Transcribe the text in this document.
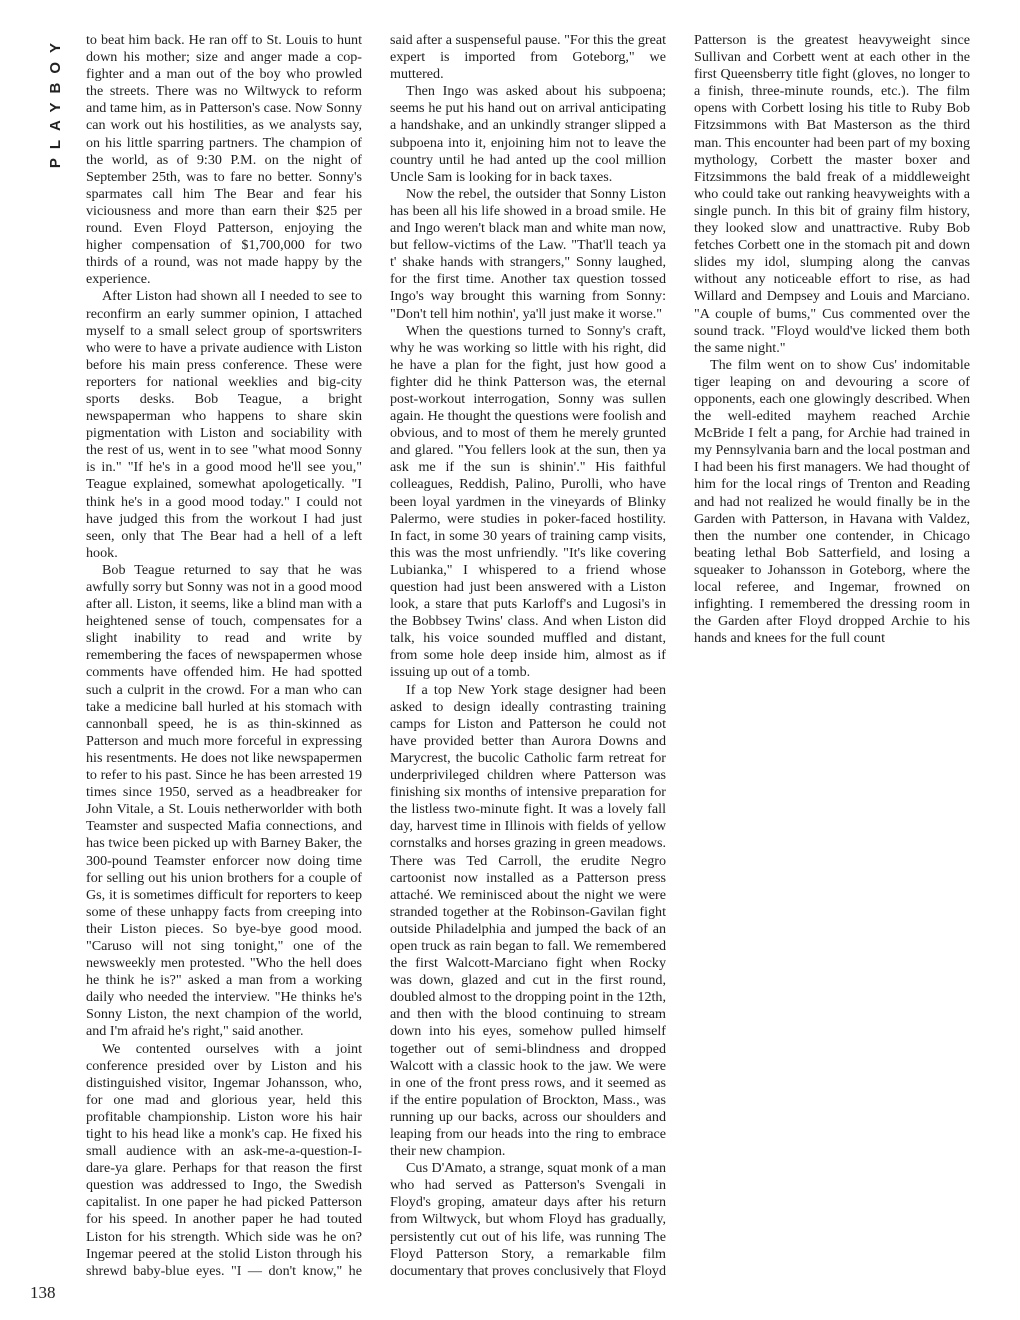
PLAYBOY to beat him back. He ran off to St. Louis to hunt down his mother; size and anger made a cop-fighter and a man out of the boy who prowled the streets. There was no Wiltwyck to reform and tame him, as in Patterson's case. Now Sonny can work out his hostilities, as we analysts say, on his little sparring partners. The champion of the world, as of 9:30 P.M. on the night of September 25th, was to fare no better. Sonny's sparmates call him The Bear and fear his viciousness and more than earn their $25 per round. Even Floyd Patterson, enjoying the higher compensation of $1,700,000 for two thirds of a round, was not made happy by the experience.

After Liston had shown all I needed to see to reconfirm an early summer opinion, I attached myself to a small select group of sportswriters who were to have a private audience with Liston before his main press conference. These were reporters for national weeklies and big-city sports desks. Bob Teague, a bright newspaperman who happens to share skin pigmentation with Liston and sociability with the rest of us, went in to see "what mood Sonny is in." "If he's in a good mood he'll see you," Teague explained, somewhat apologetically. "I think he's in a good mood today." I could not have judged this from the workout I had just seen, only that The Bear had a hell of a left hook.

Bob Teague returned to say that he was awfully sorry but Sonny was not in a good mood after all. Liston, it seems, like a blind man with a heightened sense of touch, compensates for a slight inability to read and write by remembering the faces of newspapermen whose comments have offended him. He had spotted such a culprit in the crowd. For a man who can take a medicine ball hurled at his stomach with cannonball speed, he is as thin-skinned as Patterson and much more forceful in expressing his resentments. He does not like newspapermen to refer to his past. Since he has been arrested 19 times since 1950, served as a headbreaker for John Vitale, a St. Louis netherworlder with both Teamster and suspected Mafia connections, and has twice been picked up with Barney Baker, the 300-pound Teamster enforcer now doing time for selling out his union brothers for a couple of Gs, it is sometimes difficult for reporters to keep some of these unhappy facts from creeping into their Liston pieces. So bye-bye good mood. "Caruso will not sing tonight," one of the newsweekly men protested. "Who the hell does he think he is?" asked a man from a working daily who needed the interview. "He thinks he's Sonny Liston, the next champion of the world, and I'm afraid he's right," said another.

We contented ourselves with a joint conference presided over by Liston and his distinguished visitor, Ingemar Johansson, who, for one mad and glorious year, held this profitable championship. Liston wore his hair tight to his head like a monk's cap. He fixed his small audience with an ask-me-a-question-I-dare-ya glare. Perhaps for that reason the first question was addressed to Ingo, the Swedish capitalist. In one paper he had picked Patterson for his speed. In another paper he had touted Liston for his strength. Which side was he on? Ingemar peered at the stolid Liston through his shrewd baby-blue eyes. "I — don't know," he said after a suspenseful pause. "For this the great expert is imported from Goteborg," we muttered.

Then Ingo was asked about his subpoena; seems he put his hand out on arrival anticipating a handshake, and an unkindly stranger slipped a subpoena into it, enjoining him not to leave the country until he had anted up the cool million Uncle Sam is looking for in back taxes.

Now the rebel, the outsider that Sonny Liston has been all his life showed in a broad smile. He and Ingo weren't black man and white man now, but fellow-victims of the Law. "That'll teach ya t' shake hands with strangers," Sonny laughed, for the first time. Another tax question tossed Ingo's way brought this warning from Sonny: "Don't tell him nothin', ya'll just make it worse."

When the questions turned to Sonny's craft, why he was working so little with his right, did he have a plan for the fight, just how good a fighter did he think Patterson was, the eternal post-workout interrogation, Sonny was sullen again. He thought the questions were foolish and obvious, and to most of them he merely grunted and glared. "You fellers look at the sun, then ya ask me if the sun is shinin'." His faithful colleagues, Reddish, Palino, Purolli, who have been loyal yardmen in the vineyards of Blinky Palermo, were studies in poker-faced hostility. In fact, in some 30 years of training camp visits, this was the most unfriendly. "It's like covering Lubianka," I whispered to a friend whose question had just been answered with a Liston look, a stare that puts Karloff's and Lugosi's in the Bobbsey Twins' class. And when Liston did talk, his voice sounded muffled and distant, from some hole deep inside him, almost as if issuing up out of a tomb.

If a top New York stage designer had been asked to design ideally contrasting training camps for Liston and Patterson he could not have provided better than Aurora Downs and Marycrest, the bucolic Catholic farm retreat for underprivileged children where Patterson was finishing six months of intensive preparation for the listless two-minute fight. It was a lovely fall day, harvest time in Illinois with fields of yellow cornstalks and horses grazing in green meadows. There was Ted Carroll, the erudite Negro cartoonist now installed as a Patterson press attaché. We reminisced about the night we were stranded together at the Robinson-Gavilan fight outside Philadelphia and jumped the back of an open truck as rain began to fall. We remembered the first Walcott-Marciano fight when Rocky was down, glazed and cut in the first round, doubled almost to the dropping point in the 12th, and then with the blood continuing to stream down into his eyes, somehow pulled himself together out of semi-blindness and dropped Walcott with a classic hook to the jaw. We were in one of the front press rows, and it seemed as if the entire population of Brockton, Mass., was running up our backs, across our shoulders and leaping from our heads into the ring to embrace their new champion.

Cus D'Amato, a strange, squat monk of a man who had served as Patterson's Svengali in Floyd's groping, amateur days after his return from Wiltwyck, but whom Floyd has gradually, persistently cut out of his life, was running The Floyd Patterson Story, a remarkable film documentary that proves conclusively that Floyd Patterson is the greatest heavyweight since Sullivan and Corbett went at each other in the first Queensberry title fight (gloves, no longer to a finish, three-minute rounds, etc.). The film opens with Corbett losing his title to Ruby Bob Fitzsimmons with Bat Masterson as the third man. This encounter had been part of my boxing mythology, Corbett the master boxer and Fitzsimmons the bald freak of a middleweight who could take out ranking heavyweights with a single punch. In this bit of grainy film history, they looked slow and unattractive. Ruby Bob fetches Corbett one in the stomach pit and down slides my idol, slumping along the canvas without any noticeable effort to rise, as had Willard and Dempsey and Louis and Marciano. "A couple of bums," Cus commented over the sound track. "Floyd would've licked them both the same night."

The film went on to show Cus' indomitable tiger leaping on and devouring a score of opponents, each one glowingly described. When the well-edited mayhem reached Archie McBride I felt a pang, for Archie had trained in my Pennsylvania barn and the local postman and I had been his first managers. We had thought of him for the local rings of Trenton and Reading and had not realized he would finally be in the Garden with Patterson, in Havana with Valdez, then the number one contender, in Chicago beating lethal Bob Satterfield, and losing a squeaker to Johansson in Goteborg, where the local referee, and Ingemar, frowned on infighting. I remembered the dressing room in the Garden after Floyd dropped Archie to his hands and knees for the full count

138
